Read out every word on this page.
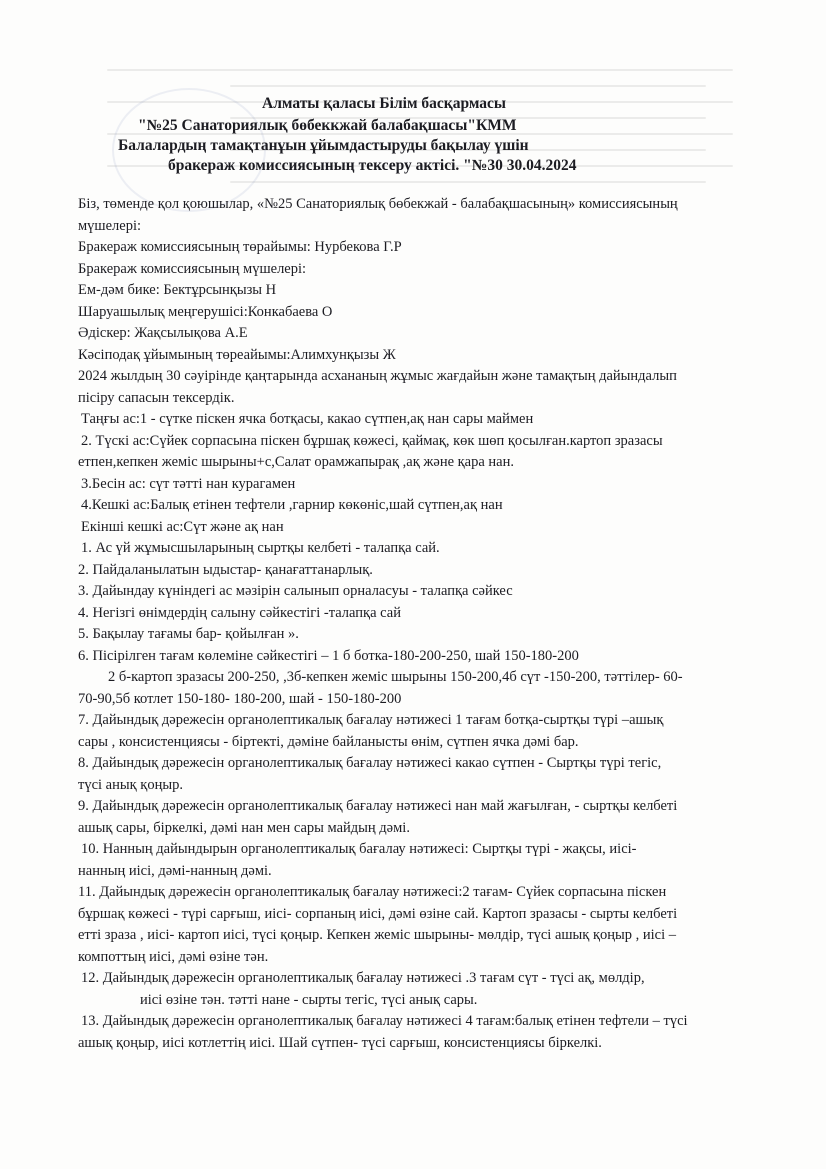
Алматы қаласы Білім басқармасы
"№25 Санаториялық бөбеккжай балабақшасы"КММ
Балалардың тамақтанұын ұйымдастыруды бақылау үшін
бракераж комиссиясының тексеру актісі. "№30 30.04.2024

Біз, төменде қол қоюшылар, «№25 Санаториялық бөбекжай - балабақшасының» комиссиясының

мүшелері:

Бракераж комиссиясының төрайымы: Нурбекова Г.Р

Бракераж комиссиясының мүшелері:

Ем-дәм бике: Бектұрсынқызы Н

Шаруашылық меңгерушісі:Конкабаева О

Әдіскер: Жақсылықова А.Е

Кәсіподақ ұйымының төреайымы:Алимхунқызы Ж

2024 жылдың 30 сәуірінде қаңтарында асхананың жұмыс жағдайын және тамақтың дайындалып

пісіру сапасын тексердік.

Таңғы ас:1 - сүтке піскен ячка ботқасы, какао сүтпен,ақ нан сары маймен

2. Түскі ас:Сүйек сорпасына піскен бұршақ көжесі, қаймақ, көк шөп қосылған.картоп зразасы

етпен,кепкен жеміс шырыны+с,Салат орамжапырақ ,ақ және қара нан.

3.Бесін ас: сүт тәтті нан курагамен

4.Кешкі ас:Балық етінен тефтели ,гарнир көкөніс,шай сүтпен,ақ нан

Екінші кешкі ас:Сүт және ақ нан

1. Ас үй жұмысшыларының сыртқы келбеті - талапқа сай.

2. Пайдаланылатын ыдыстар- қанағаттанарлық.

3. Дайындау күніндегі ас мәзірін салынып орналасуы - талапқа сәйкес

4. Негізгі өнімдердің салыну сәйкестігі -талапқа сай

5. Бақылау тағамы бар- қойылған ».

6. Пісірілген тағам көлеміне сәйкестігі – 1 б ботка-180-200-250, шай 150-180-200

2 б-картоп зразасы 200-250, ,3б-кепкен жеміс шырыны 150-200,4б сүт -150-200, тәттілер- 60-

70-90,5б котлет 150-180- 180-200, шай - 150-180-200

7. Дайындық дәрежесін органолептикалық бағалау нәтижесі 1 тағам ботқа-сыртқы түрі –ашық

сары , консистенциясы - біртекті, дәміне байланысты өнім, сүтпен ячка дәмі бар.

8. Дайындық дәрежесін органолептикалық бағалау нәтижесі какао сүтпен - Сыртқы түрі тегіс,

түсі анық қоңыр.

9. Дайындық дәрежесін органолептикалық бағалау нәтижесі нан май жағылған, - сыртқы келбеті

ашық сары, біркелкі, дәмі нан мен сары майдың дәмі.

10. Нанның дайындырын органолептикалық бағалау нәтижесі: Сыртқы түрі - жақсы, иісі-

нанның иісі, дәмі-нанның дәмі.

11. Дайындық дәрежесін органолептикалық бағалау нәтижесі:2 тағам- Сүйек сорпасына піскен

бұршақ көжесі - түрі сарғыш, иісі- сорпаның иісі, дәмі өзіне сай. Картоп зразасы - сырты келбеті

етті зраза , иісі- картоп иісі, түсі қоңыр. Кепкен жеміс шырыны- мөлдір, түсі ашық қоңыр , иісі –

компоттың иісі, дәмі өзіне тән.

12. Дайындық дәрежесін органолептикалық бағалау нәтижесі .3 тағам сүт - түсі ақ, мөлдір,

иісі өзіне тән. тәтті нане - сырты тегіс, түсі анық сары.

13. Дайындық дәрежесін органолептикалық бағалау нәтижесі 4 тағам:балық етінен тефтели – түсі

ашық қоңыр, иісі котлеттің иісі. Шай сүтпен- түсі сарғыш, консистенциясы біркелкі.
